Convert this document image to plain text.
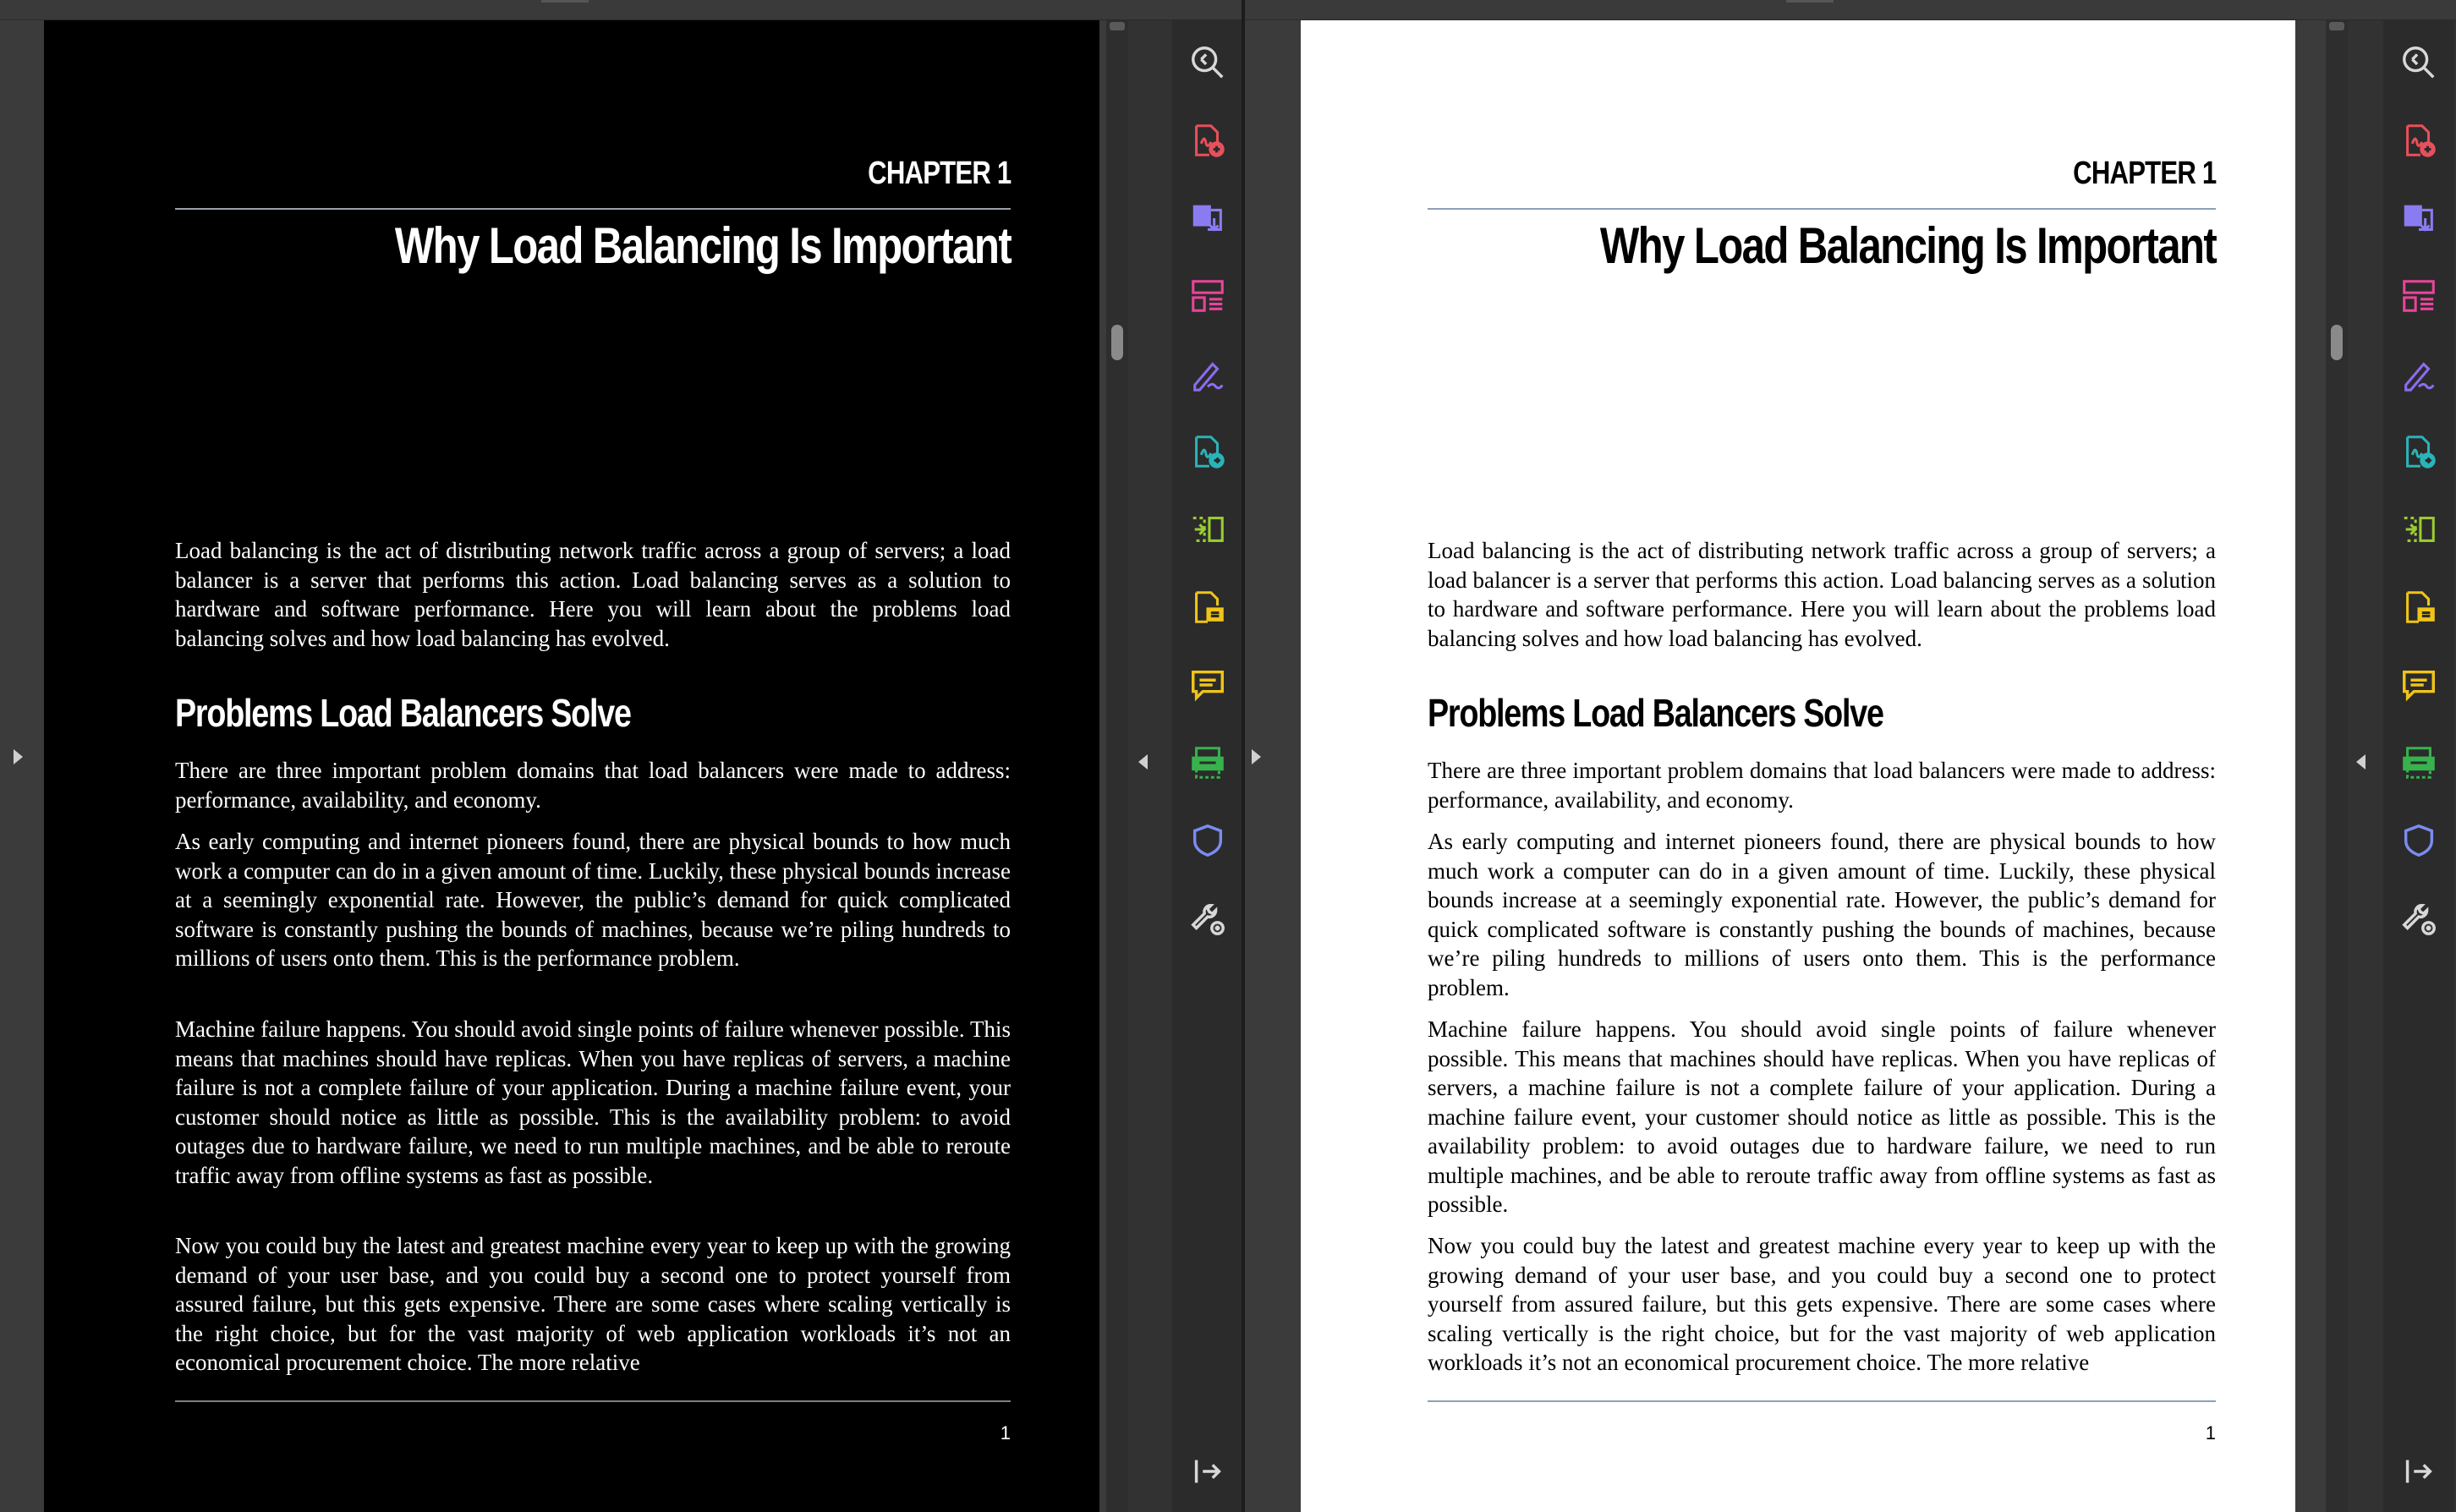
CHAPTER 1
Why Load Balancing Is Important

Load balancing is the act of distributing network traffic across a group of servers; a load balancer is a server that performs this action. Load balancing serves as a solution to hardware and software performance. Here you will learn about the problems load balancing solves and how load balancing has evolved.

Problems Load Balancers Solve

There are three important problem domains that load balancers were made to address: performance, availability, and economy.

As early computing and internet pioneers found, there are physical bounds to how much work a computer can do in a given amount of time. Luckily, these physical bounds increase at a seemingly exponential rate. However, the public’s demand for quick complicated software is constantly pushing the bounds of machines, because we’re piling hundreds to millions of users onto them. This is the performance problem.

Machine failure happens. You should avoid single points of failure whenever possible. This means that machines should have replicas. When you have replicas of servers, a machine failure is not a complete failure of your application. During a machine failure event, your customer should notice as little as possible. This is the availability problem: to avoid outages due to hardware failure, we need to run multiple machines, and be able to reroute traffic away from offline systems as fast as possible.

Now you could buy the latest and greatest machine every year to keep up with the growing demand of your user base, and you could buy a second one to protect yourself from assured failure, but this gets expensive. There are some cases where scaling vertically is the right choice, but for the vast majority of web application workloads it’s not an economical procurement choice. The more relative

1
CHAPTER 1
Why Load Balancing Is Important

Load balancing is the act of distributing network traffic across a group of servers; a load balancer is a server that performs this action. Load balancing serves as a solution to hardware and software performance. Here you will learn about the problems load balancing solves and how load balancing has evolved.

Problems Load Balancers Solve

There are three important problem domains that load balancers were made to address: performance, availability, and economy.

As early computing and internet pioneers found, there are physical bounds to how much work a computer can do in a given amount of time. Luckily, these physical bounds increase at a seemingly exponential rate. However, the public’s demand for quick complicated software is constantly pushing the bounds of machines, because we’re piling hundreds to millions of users onto them. This is the performance problem.

Machine failure happens. You should avoid single points of failure whenever possible. This means that machines should have replicas. When you have replicas of servers, a machine failure is not a complete failure of your application. During a machine failure event, your customer should notice as little as possible. This is the availability problem: to avoid outages due to hardware failure, we need to run multiple machines, and be able to reroute traffic away from offline systems as fast as possible.

Now you could buy the latest and greatest machine every year to keep up with the growing demand of your user base, and you could buy a second one to protect yourself from assured failure, but this gets expensive. There are some cases where scaling vertically is the right choice, but for the vast majority of web application workloads it’s not an economical procurement choice. The more relative

1
